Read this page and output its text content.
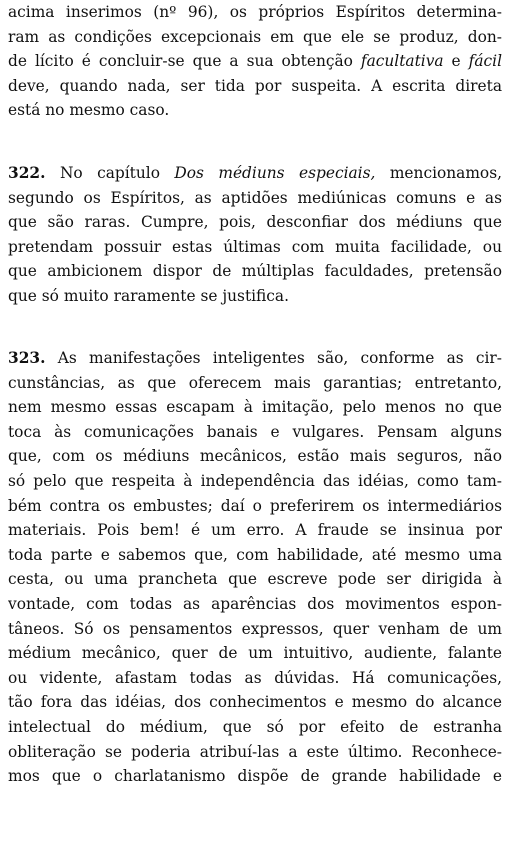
acima inserimos (nº 96), os próprios Espíritos determina-
ram as condições excepcionais em que ele se produz, don-
de lícito é concluir-se que a sua obtenção facultativa e fácil
deve, quando nada, ser tida por suspeita. A escrita direta
está no mesmo caso.
322. No capítulo Dos médiuns especiais, mencionamos,
segundo os Espíritos, as aptidões mediúnicas comuns e as
que são raras. Cumpre, pois, desconfiar dos médiuns que
pretendam possuir estas últimas com muita facilidade, ou
que ambicionem dispor de múltiplas faculdades, pretensão
que só muito raramente se justifica.
323. As manifestações inteligentes são, conforme as cir-
cunstâncias, as que oferecem mais garantias; entretanto,
nem mesmo essas escapam à imitação, pelo menos no que
toca às comunicações banais e vulgares. Pensam alguns
que, com os médiuns mecânicos, estão mais seguros, não
só pelo que respeita à independência das idéias, como tam-
bém contra os embustes; daí o preferirem os intermediários
materiais. Pois bem! é um erro. A fraude se insinua por
toda parte e sabemos que, com habilidade, até mesmo uma
cesta, ou uma prancheta que escreve pode ser dirigida à
vontade, com todas as aparências dos movimentos espon-
tâneos. Só os pensamentos expressos, quer venham de um
médium mecânico, quer de um intuitivo, audiente, falante
ou vidente, afastam todas as dúvidas. Há comunicações,
tão fora das idéias, dos conhecimentos e mesmo do alcance
intelectual do médium, que só por efeito de estranha
obliteração se poderia atribuí-las a este último. Reconhece-
mos que o charlatanismo dispõe de grande habilidade e
